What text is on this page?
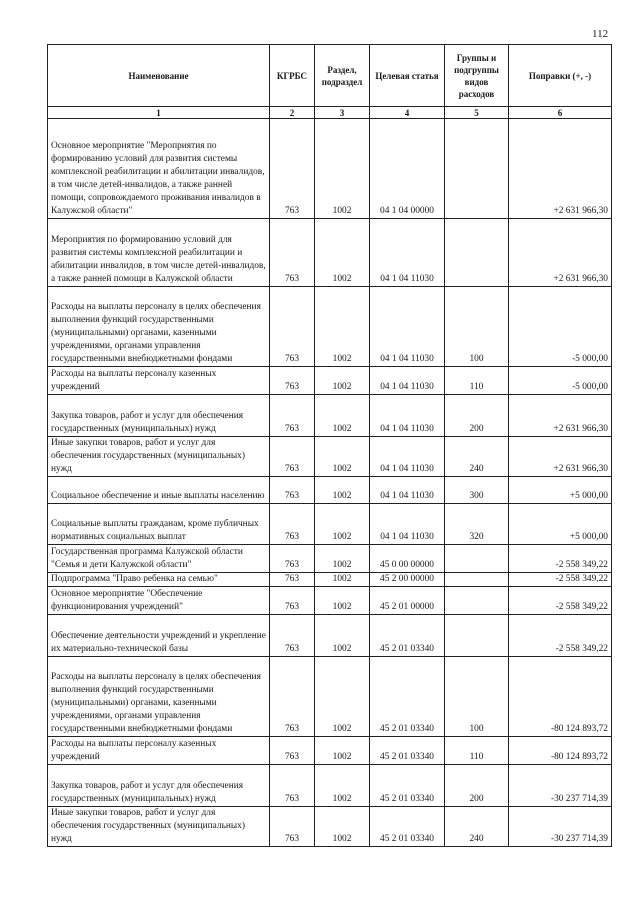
112
Наименование	КГРБС	Раздел, подраздел	Целевая статья	Группы и подгруппы видов расходов	Поправки (+, -)
1	2	3	4	5	6
Основное мероприятие "Мероприятия по формированию условий для развития системы комплексной реабилитации и абилитации инвалидов, в том числе детей-инвалидов, а также ранней помощи, сопровождаемого проживания инвалидов в Калужской области"	763	1002	04 1 04 00000		+2 631 966,30
Мероприятия по формированию условий для развития системы комплексной реабилитации и абилитации инвалидов, в том числе детей-инвалидов, а также ранней помощи в Калужской области	763	1002	04 1 04 11030		+2 631 966,30
Расходы на выплаты персоналу в целях обеспечения выполнения функций государственными (муниципальными) органами, казенными учреждениями, органами управления государственными внебюджетными фондами	763	1002	04 1 04 11030	100	-5 000,00
Расходы на выплаты персоналу казенных учреждений	763	1002	04 1 04 11030	110	-5 000,00
Закупка товаров, работ и услуг для обеспечения государственных (муниципальных) нужд	763	1002	04 1 04 11030	200	+2 631 966,30
Иные закупки товаров, работ и услуг для обеспечения государственных (муниципальных) нужд	763	1002	04 1 04 11030	240	+2 631 966,30
Социальное обеспечение и иные выплаты населению	763	1002	04 1 04 11030	300	+5 000,00
Социальные выплаты гражданам, кроме публичных нормативных социальных выплат	763	1002	04 1 04 11030	320	+5 000,00
Государственная программа Калужской области "Семья и дети Калужской области"	763	1002	45 0 00 00000		-2 558 349,22
Подпрограмма "Право ребенка на семью"	763	1002	45 2 00 00000		-2 558 349,22
Основное мероприятие "Обеспечение функционирования учреждений"	763	1002	45 2 01 00000		-2 558 349,22
Обеспечение деятельности учреждений и укрепление их материально-технической базы	763	1002	45 2 01 03340		-2 558 349,22
Расходы на выплаты персоналу в целях обеспечения выполнения функций государственными (муниципальными) органами, казенными учреждениями, органами управления государственными внебюджетными фондами	763	1002	45 2 01 03340	100	-80 124 893,72
Расходы на выплаты персоналу казенных учреждений	763	1002	45 2 01 03340	110	-80 124 893,72
Закупка товаров, работ и услуг для обеспечения государственных (муниципальных) нужд	763	1002	45 2 01 03340	200	-30 237 714,39
Иные закупки товаров, работ и услуг для обеспечения государственных (муниципальных) нужд	763	1002	45 2 01 03340	240	-30 237 714,39
